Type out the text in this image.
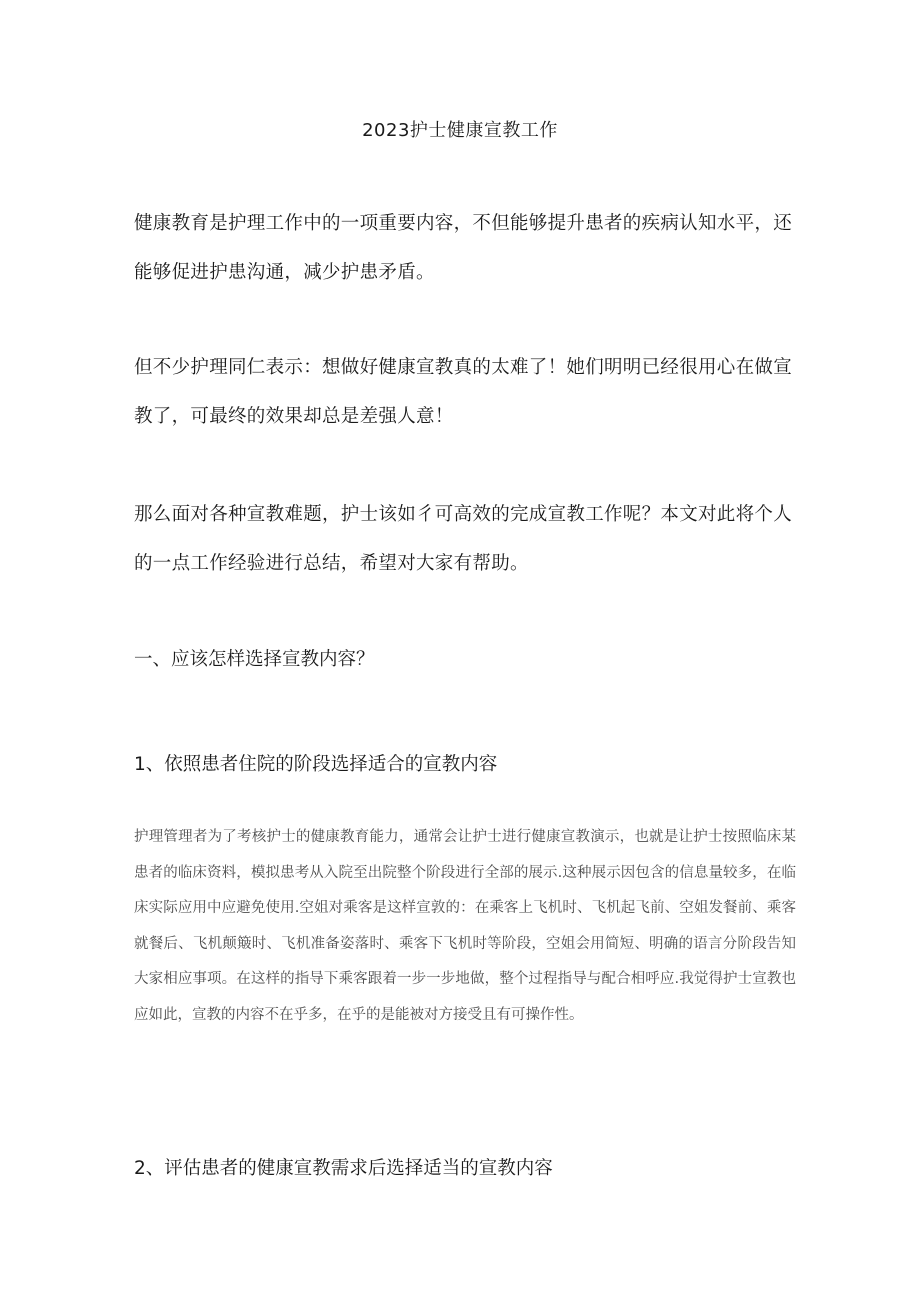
2023护士健康宣教工作

健康教育是护理工作中的一项重要内容，不但能够提升患者的疾病认知水平，还能够促进护患沟通，减少护患矛盾。

但不少护理同仁表示：想做好健康宣教真的太难了！她们明明已经很用心在做宣教了，可最终的效果却总是差强人意！

那么面对各种宣教难题，护士该如彳可高效的完成宣教工作呢？本文对此将个人的一点工作经验进行总结，希望对大家有帮助。

一、应该怎样选择宣教内容？
1、依照患者住院的阶段选择适合的宣教内容

护理管理者为了考核护士的健康教育能力，通常会让护士进行健康宣教演示，也就是让护士按照临床某患者的临床资料，模拟患考从入院至出院整个阶段进行全部的展示.这种展示因包含的信息量较多，在临床实际应用中应避免使用.空姐对乘客是这样宣敦的：在乘客上飞机时、飞机起飞前、空姐发餐前、乘客就餐后、飞机颠簸时、飞机准备姿落时、乘客下飞机时等阶段，空姐会用简短、明确的语言分阶段告知大家相应事项。在这样的指导下乘客跟着一步一步地做，整个过程指导与配合相呼应.我觉得护士宣教也应如此，宣教的内容不在乎多，在乎的是能被对方接受且有可操作性。

2、评估患者的健康宣教需求后选择适当的宣教内容
